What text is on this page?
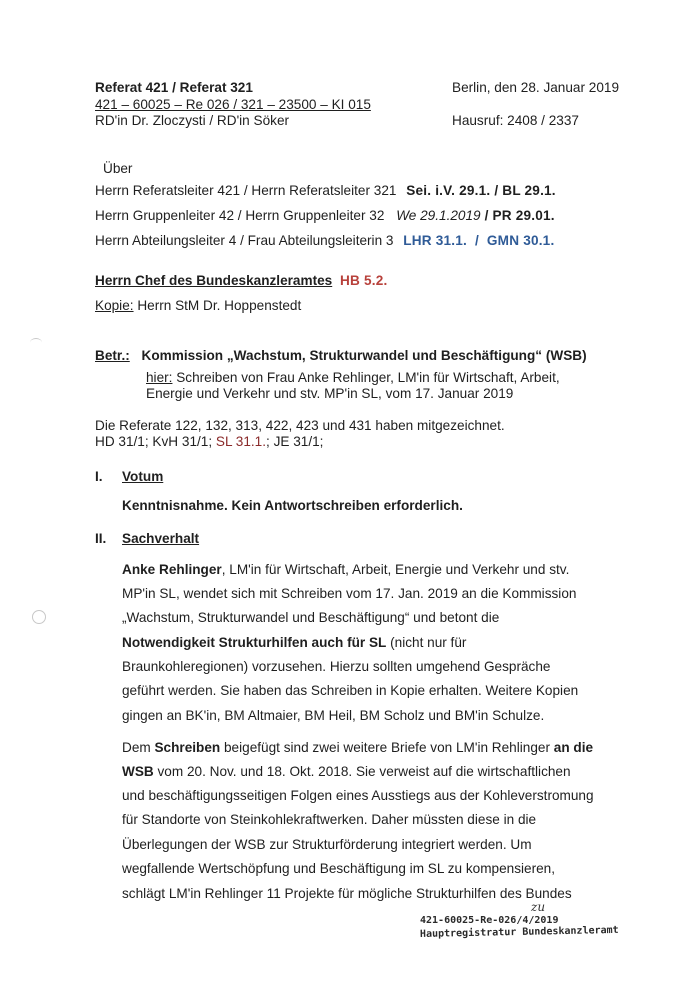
Referat 421 / Referat 321
421 – 60025 – Re 026 / 321 – 23500 – KI 015
RD'in Dr. Zloczysti / RD'in Söker
Berlin, den 28. Januar 2019
Hausruf: 2408 / 2337
Über
Herrn Referatsleiter 421 / Herrn Referatsleiter 321 Sei. i.V. 29.1. / BL 29.1.
Herrn Gruppenleiter 42 / Herrn Gruppenleiter 32 We 29.1.2019 / PR 29.01.
Herrn Abteilungsleiter 4 / Frau Abteilungsleiterin 3 LHR 31.1.  /  GMN 30.1.
Herrn Chef des Bundeskanzleramtes HB 5.2.
Kopie: Herrn StM Dr. Hoppenstedt
Betr.: Kommission „Wachstum, Strukturwandel und Beschäftigung“ (WSB)
hier: Schreiben von Frau Anke Rehlinger, LM'in für Wirtschaft, Arbeit,
Energie und Verkehr und stv. MP'in SL, vom 17. Januar 2019
Die Referate 122, 132, 313, 422, 423 und 431 haben mitgezeichnet.
HD 31/1; KvH 31/1; SL 31.1.; JE 31/1;
I. Votum
Kenntnisnahme. Kein Antwortschreiben erforderlich.
II. Sachverhalt
Anke Rehlinger, LM'in für Wirtschaft, Arbeit, Energie und Verkehr und stv.
MP'in SL, wendet sich mit Schreiben vom 17. Jan. 2019 an die Kommission
„Wachstum, Strukturwandel und Beschäftigung“ und betont die
Notwendigkeit Strukturhilfen auch für SL (nicht nur für
Braunkohleregionen) vorzusehen. Hierzu sollten umgehend Gespräche
geführt werden. Sie haben das Schreiben in Kopie erhalten. Weitere Kopien
gingen an BK'in, BM Altmaier, BM Heil, BM Scholz und BM'in Schulze.
Dem Schreiben beigefügt sind zwei weitere Briefe von LM'in Rehlinger an die
WSB vom 20. Nov. und 18. Okt. 2018. Sie verweist auf die wirtschaftlichen
und beschäftigungsseitigen Folgen eines Ausstiegs aus der Kohleverstromung
für Standorte von Steinkohlekraftwerken. Daher müssten diese in die
Überlegungen der WSB zur Strukturförderung integriert werden. Um
wegfallende Wertschöpfung und Beschäftigung im SL zu kompensieren,
schlägt LM'in Rehlinger 11 Projekte für mögliche Strukturhilfen des Bundes
zu
421-60025-Re-026/4/2019
Hauptregistratur Bundeskanzleramt
